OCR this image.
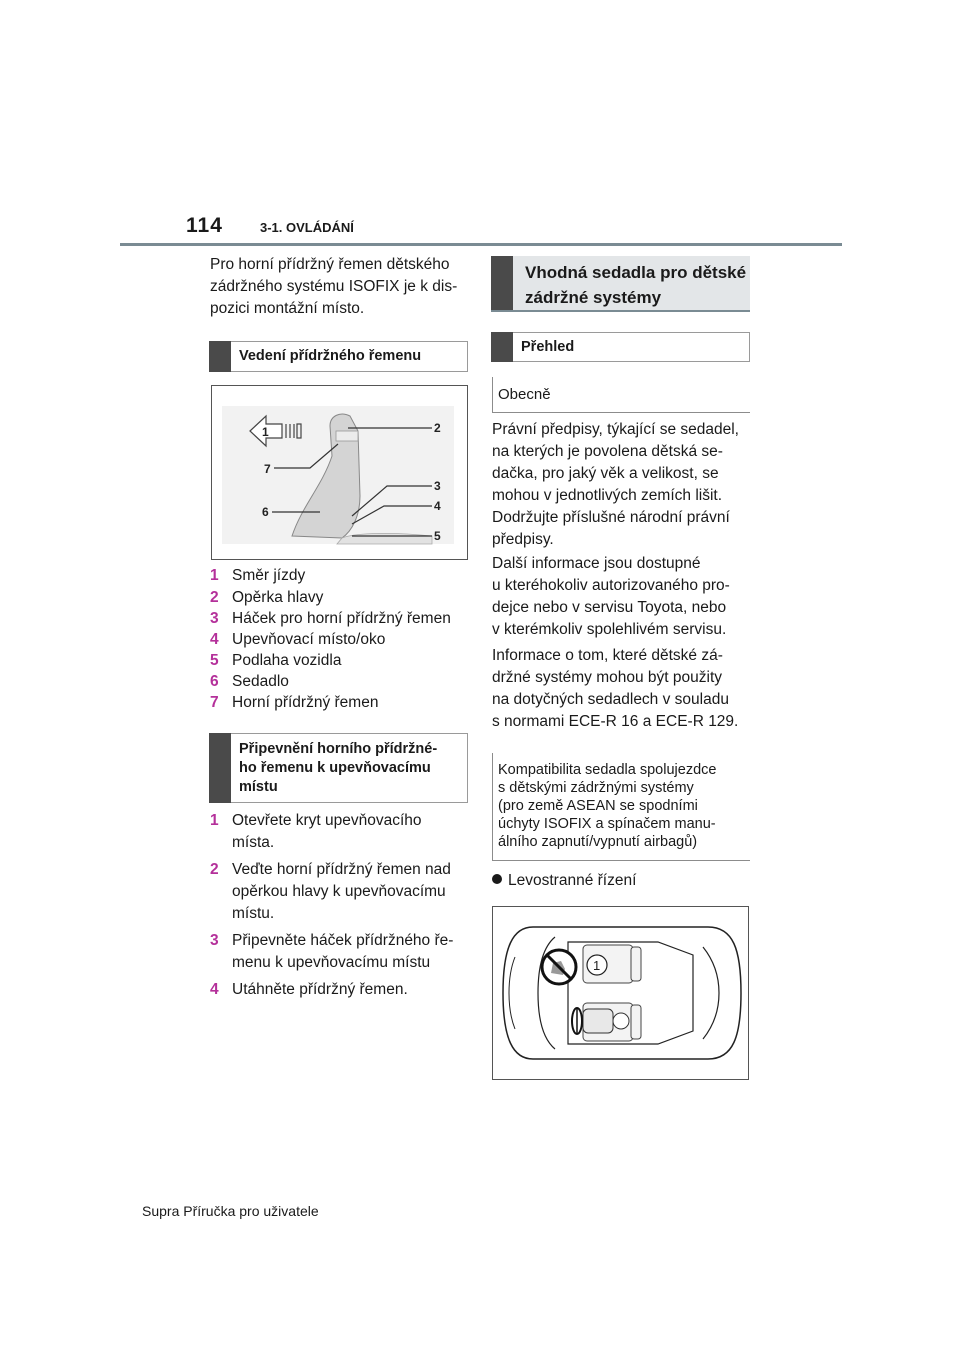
114	3-1. OVLÁDÁNÍ
Pro horní přídržný řemen dětského
zádržného systému ISOFIX je k dis-
pozici montážní místo.
Vedení přídržného řemenu
1	2
3
4
5
6
7
1 Směr jízdy
2 Opěrka hlavy
3 Háček pro horní přídržný řemen
4 Upevňovací místo/oko
5 Podlaha vozidla
6 Sedadlo
7 Horní přídržný řemen
Připevnění horního přídržné-
ho řemenu k upevňovacímu
místu
1 Otevřete kryt upevňovacího
místa.
2 Veďte horní přídržný řemen nad
opěrkou hlavy k upevňovacímu
místu.
3 Připevněte háček přídržného ře-
menu k upevňovacímu místu
4 Utáhněte přídržný řemen.
Vhodná sedadla pro dětské
zádržné systémy
Přehled
Obecně
Právní předpisy, týkající se sedadel,
na kterých je povolena dětská se-
dačka, pro jaký věk a velikost, se
mohou v jednotlivých zemích lišit.
Dodržujte příslušné národní právní
předpisy.
Další informace jsou dostupné
u kteréhokoliv autorizovaného pro-
dejce nebo v servisu Toyota, nebo
v kterémkoliv spolehlivém servisu.
Informace o tom, které dětské zá-
držné systémy mohou být použity
na dotyčných sedadlech v souladu
s normami ECE-R 16 a ECE-R 129.
Kompatibilita sedadla spolujezdce
s dětskými zádržnými systémy
(pro země ASEAN se spodními
úchyty ISOFIX a spínačem manu-
álního zapnutí/vypnutí airbagů)
Levostranné řízení
1
Supra Příručka pro uživatele
